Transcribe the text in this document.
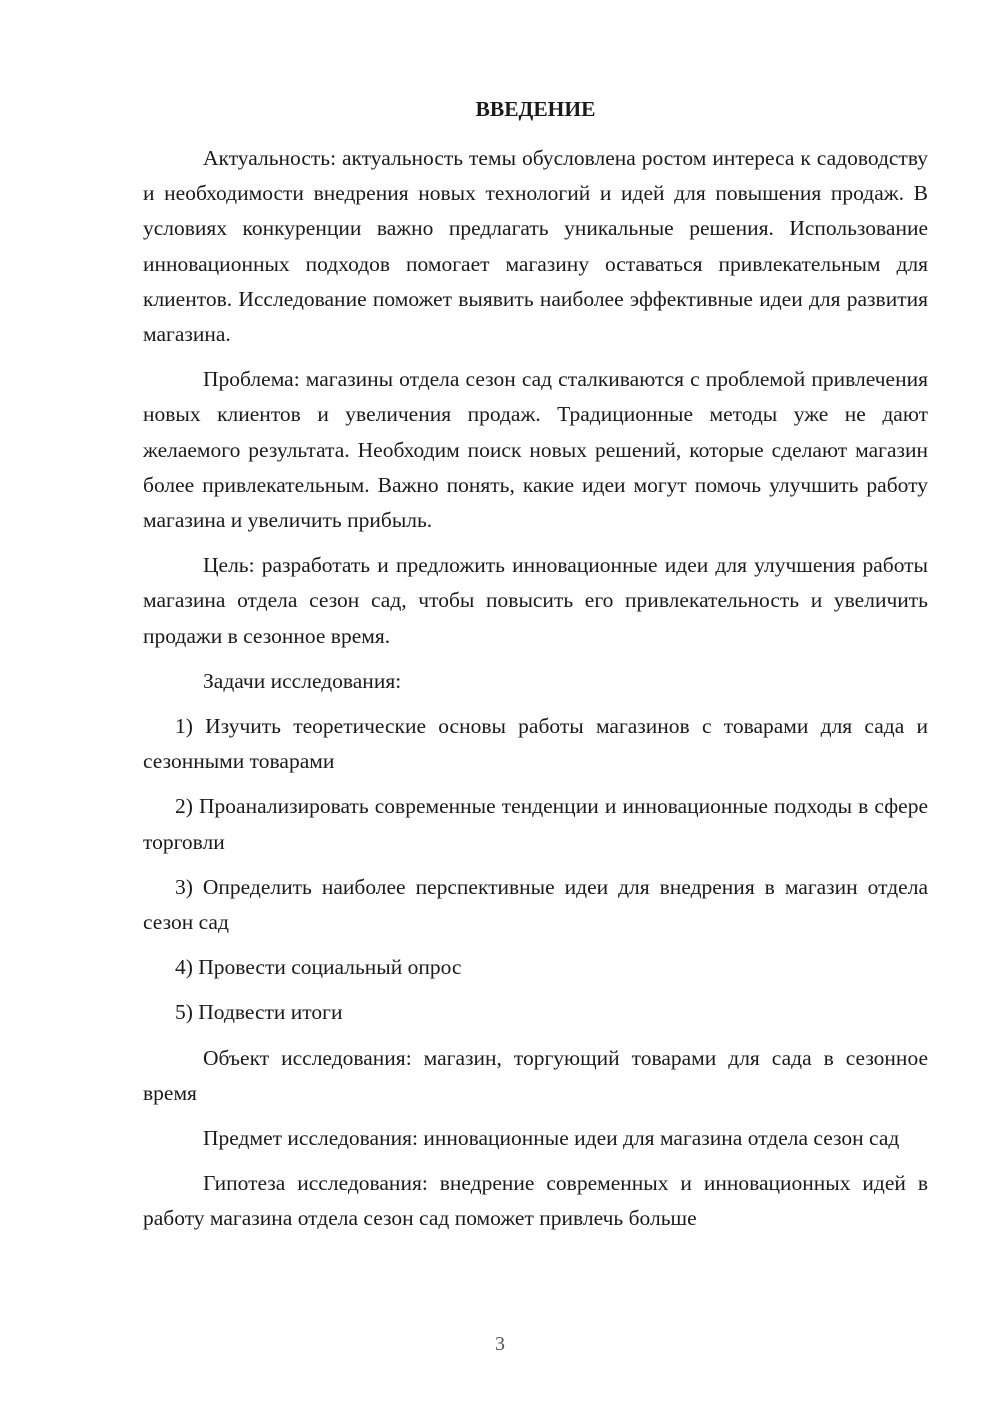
ВВЕДЕНИЕ

Актуальность: актуальность темы обусловлена ростом интереса к садоводству и необходимости внедрения новых технологий и идей для повышения продаж. В условиях конкуренции важно предлагать уникальные решения. Использование инновационных подходов помогает магазину оставаться привлекательным для клиентов. Исследование поможет выявить наиболее эффективные идеи для развития магазина.

Проблема: магазины отдела сезон сад сталкиваются с проблемой привлечения новых клиентов и увеличения продаж. Традиционные методы уже не дают желаемого результата. Необходим поиск новых решений, которые сделают магазин более привлекательным. Важно понять, какие идеи могут помочь улучшить работу магазина и увеличить прибыль.

Цель: разработать и предложить инновационные идеи для улучшения работы магазина отдела сезон сад, чтобы повысить его привлекательность и увеличить продажи в сезонное время.

Задачи исследования:

1) Изучить теоретические основы работы магазинов с товарами для сада и сезонными товарами

2) Проанализировать современные тенденции и инновационные подходы в сфере торговли

3) Определить наиболее перспективные идеи для внедрения в магазин отдела сезон сад

4) Провести социальный опрос

5) Подвести итоги

Объект исследования: магазин, торгующий товарами для сада в сезонное время

Предмет исследования: инновационные идеи для магазина отдела сезон сад

Гипотеза исследования: внедрение современных и инновационных идей в работу магазина отдела сезон сад поможет привлечь больше

3
